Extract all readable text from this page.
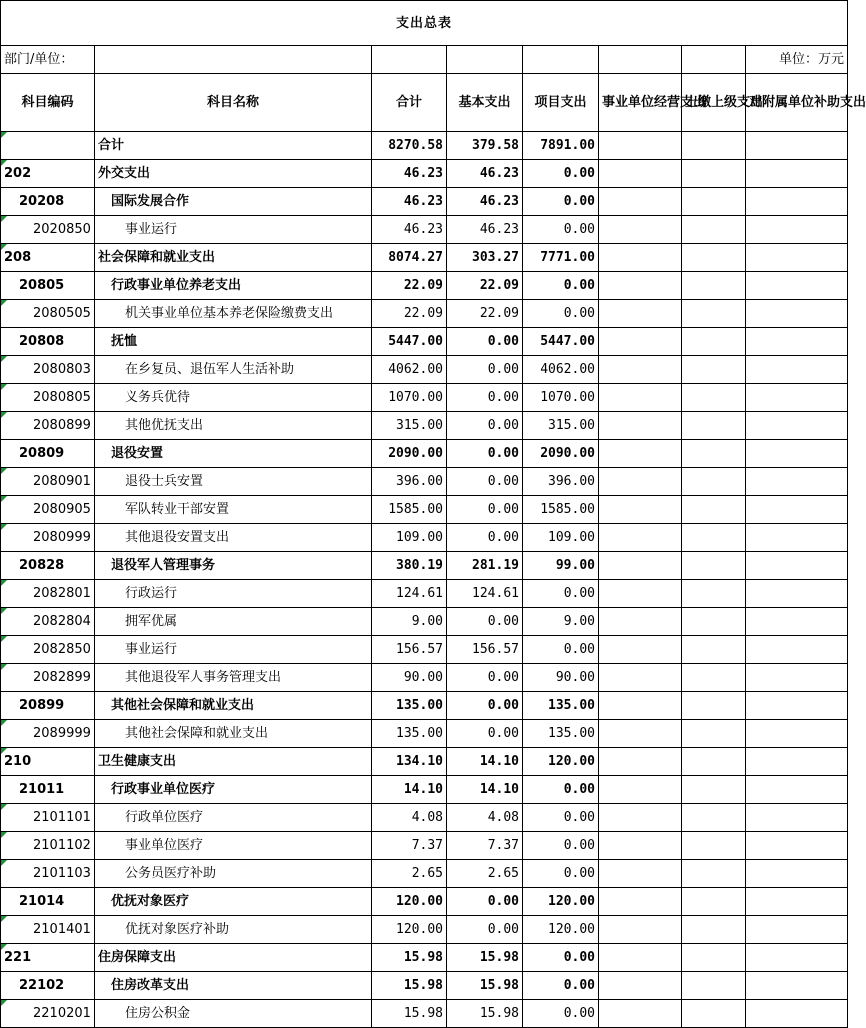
支出总表							
部门/单位：							单位：万元
科目编码	科目名称	合计	基本支出	项目支出	事业单位经营支出	上缴上级支出	对附属单位补助支出
	合计	8270.58	379.58	7891.00			
202	外交支出	46.23	46.23	0.00			
20208	国际发展合作	46.23	46.23	0.00			
2020850	事业运行	46.23	46.23	0.00			
208	社会保障和就业支出	8074.27	303.27	7771.00			
20805	行政事业单位养老支出	22.09	22.09	0.00			
2080505	机关事业单位基本养老保险缴费支出	22.09	22.09	0.00			
20808	抚恤	5447.00	0.00	5447.00			
2080803	在乡复员、退伍军人生活补助	4062.00	0.00	4062.00			
2080805	义务兵优待	1070.00	0.00	1070.00			
2080899	其他优抚支出	315.00	0.00	315.00			
20809	退役安置	2090.00	0.00	2090.00			
2080901	退役士兵安置	396.00	0.00	396.00			
2080905	军队转业干部安置	1585.00	0.00	1585.00			
2080999	其他退役安置支出	109.00	0.00	109.00			
20828	退役军人管理事务	380.19	281.19	99.00			
2082801	行政运行	124.61	124.61	0.00			
2082804	拥军优属	9.00	0.00	9.00			
2082850	事业运行	156.57	156.57	0.00			
2082899	其他退役军人事务管理支出	90.00	0.00	90.00			
20899	其他社会保障和就业支出	135.00	0.00	135.00			
2089999	其他社会保障和就业支出	135.00	0.00	135.00			
210	卫生健康支出	134.10	14.10	120.00			
21011	行政事业单位医疗	14.10	14.10	0.00			
2101101	行政单位医疗	4.08	4.08	0.00			
2101102	事业单位医疗	7.37	7.37	0.00			
2101103	公务员医疗补助	2.65	2.65	0.00			
21014	优抚对象医疗	120.00	0.00	120.00			
2101401	优抚对象医疗补助	120.00	0.00	120.00			
221	住房保障支出	15.98	15.98	0.00			
22102	住房改革支出	15.98	15.98	0.00			
2210201	住房公积金	15.98	15.98	0.00			
